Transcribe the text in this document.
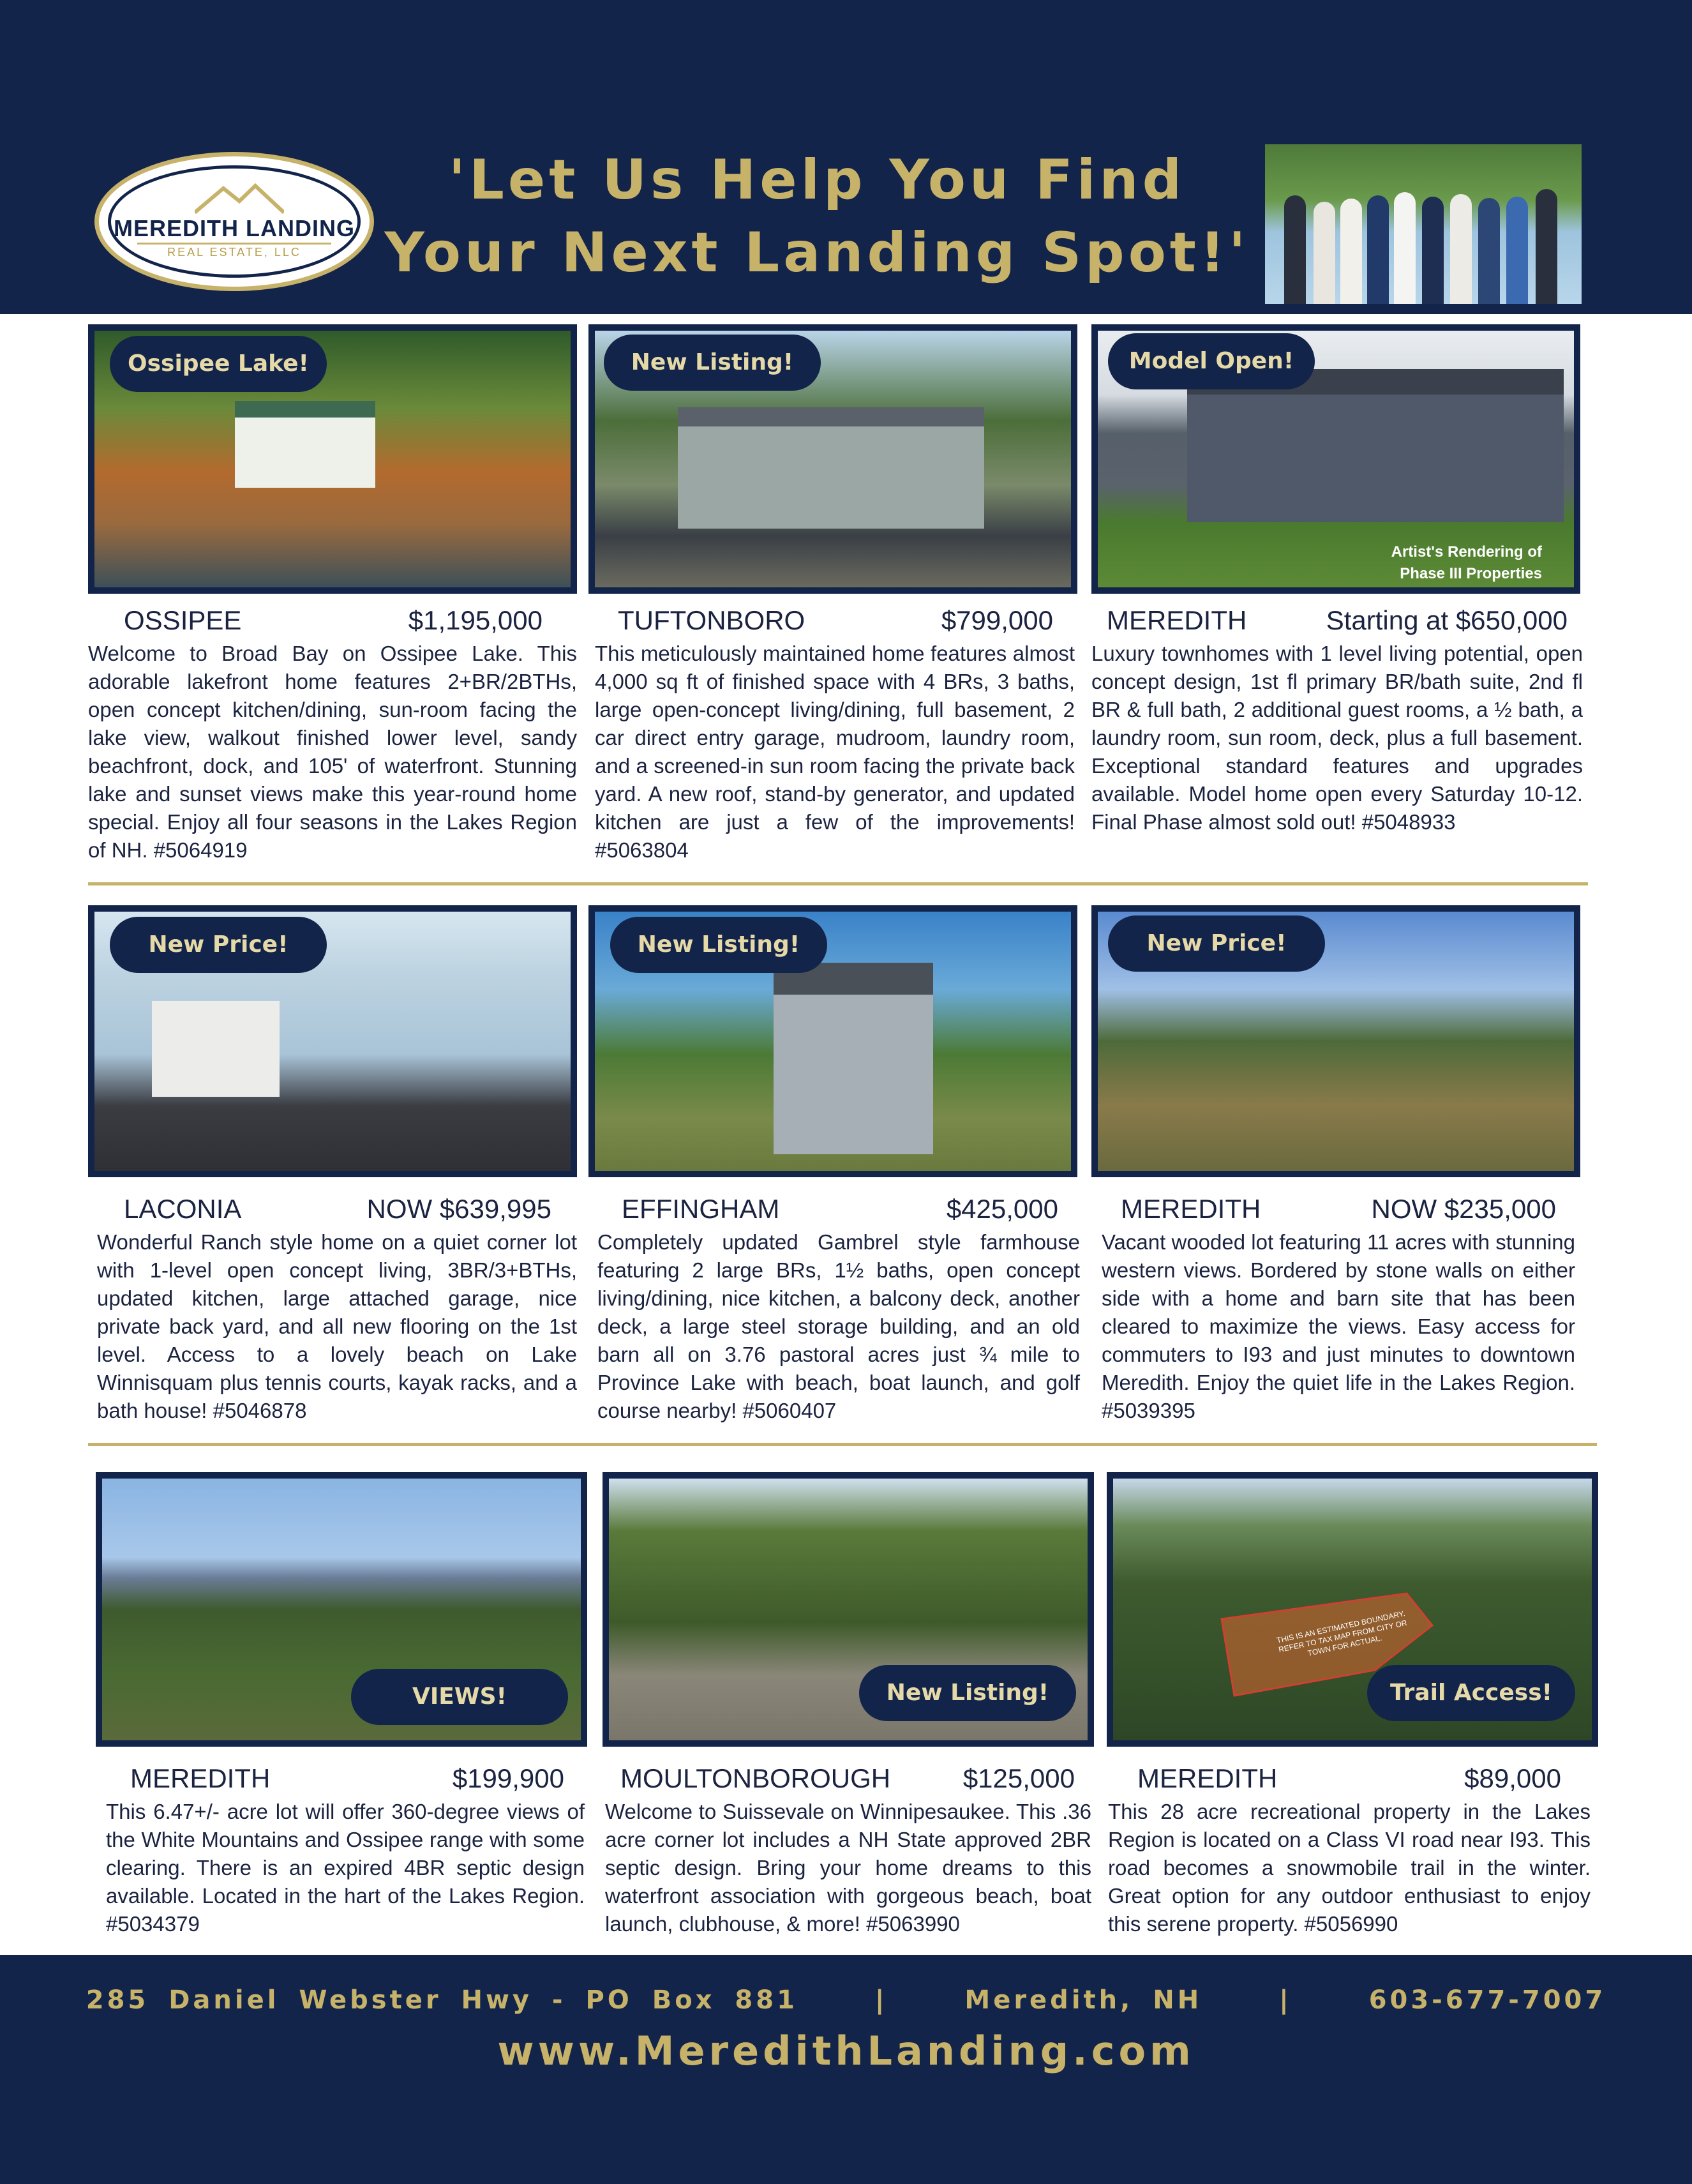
MEREDITH LANDING
REAL ESTATE, LLC
'Let Us Help You Find
Your Next Landing Spot!'
Ossipee Lake!	New Listing!
Artist's Rendering of Phase III Properties
Model Open!
OSSIPEE	$1,195,000
Welcome to Broad Bay on Ossipee Lake. This adorable lakefront home features 2+BR/2BTHs, open concept kitchen/dining, sun-room facing the lake view, walkout finished lower level, sandy beachfront, dock, and 105' of waterfront. Stunning lake and sunset views make this year-round home special. Enjoy all four seasons in the Lakes Region of NH. #5064919
TUFTONBORO	$799,000
This meticulously maintained home features almost 4,000 sq ft of finished space with 4 BRs, 3 baths, large open-concept living/dining, full basement, 2 car direct entry garage, mudroom, laundry room, and a screened-in sun room facing the private back yard. A new roof, stand-by generator, and updated kitchen are just a few of the improvements! #5063804
MEREDITH	Starting at $650,000
Luxury townhomes with 1 level living potential, open concept design, 1st fl primary BR/bath suite, 2nd fl BR & full bath, 2 additional guest rooms, a ½ bath, a laundry room, sun room, deck, plus a full basement. Exceptional standard features and upgrades available. Model home open every Saturday 10-12. Final Phase almost sold out! #5048933
New Price!	New Listing!	New Price!
LACONIA	NOW $639,995
Wonderful Ranch style home on a quiet corner lot with 1-level open concept living, 3BR/3+BTHs, updated kitchen, large attached garage, nice private back yard, and all new flooring on the 1st level. Access to a lovely beach on Lake Winnisquam plus tennis courts, kayak racks, and a bath house! #5046878
EFFINGHAM	$425,000
Completely updated Gambrel style farmhouse featuring 2 large BRs, 1½ baths, open concept living/dining, nice kitchen, a balcony deck, another deck, a large steel storage building, and an old barn all on 3.76 pastoral acres just ¾ mile to Province Lake with beach, boat launch, and golf course nearby! #5060407
MEREDITH	NOW $235,000
Vacant wooded lot featuring 11 acres with stunning western views. Bordered by stone walls on either side with a home and barn site that has been cleared to maximize the views. Easy access for commuters to I93 and just minutes to downtown Meredith. Enjoy the quiet life in the Lakes Region. #5039395
VIEWS!	New Listing!
THIS IS AN ESTIMATED BOUNDARY. REFER TO TAX MAP FROM CITY OR TOWN FOR ACTUAL.
Trail Access!
MEREDITH	$199,900
This 6.47+/- acre lot will offer 360-degree views of the White Mountains and Ossipee range with some clearing. There is an expired 4BR septic design available. Located in the hart of the Lakes Region. #5034379
MOULTONBOROUGH	$125,000
Welcome to Suissevale on Winnipesaukee. This .36 acre corner lot includes a NH State approved 2BR septic design. Bring your home dreams to this waterfront association with gorgeous beach, boat launch, clubhouse, & more! #5063990
MEREDITH	$89,000
This 28 acre recreational property in the Lakes Region is located on a Class VI road near I93. This road becomes a snowmobile trail in the winter. Great option for any outdoor enthusiast to enjoy this serene property. #5056990
285 Daniel Webster Hwy - PO Box 881	|	Meredith, NH	|	603-677-7007
www.MeredithLanding.com
